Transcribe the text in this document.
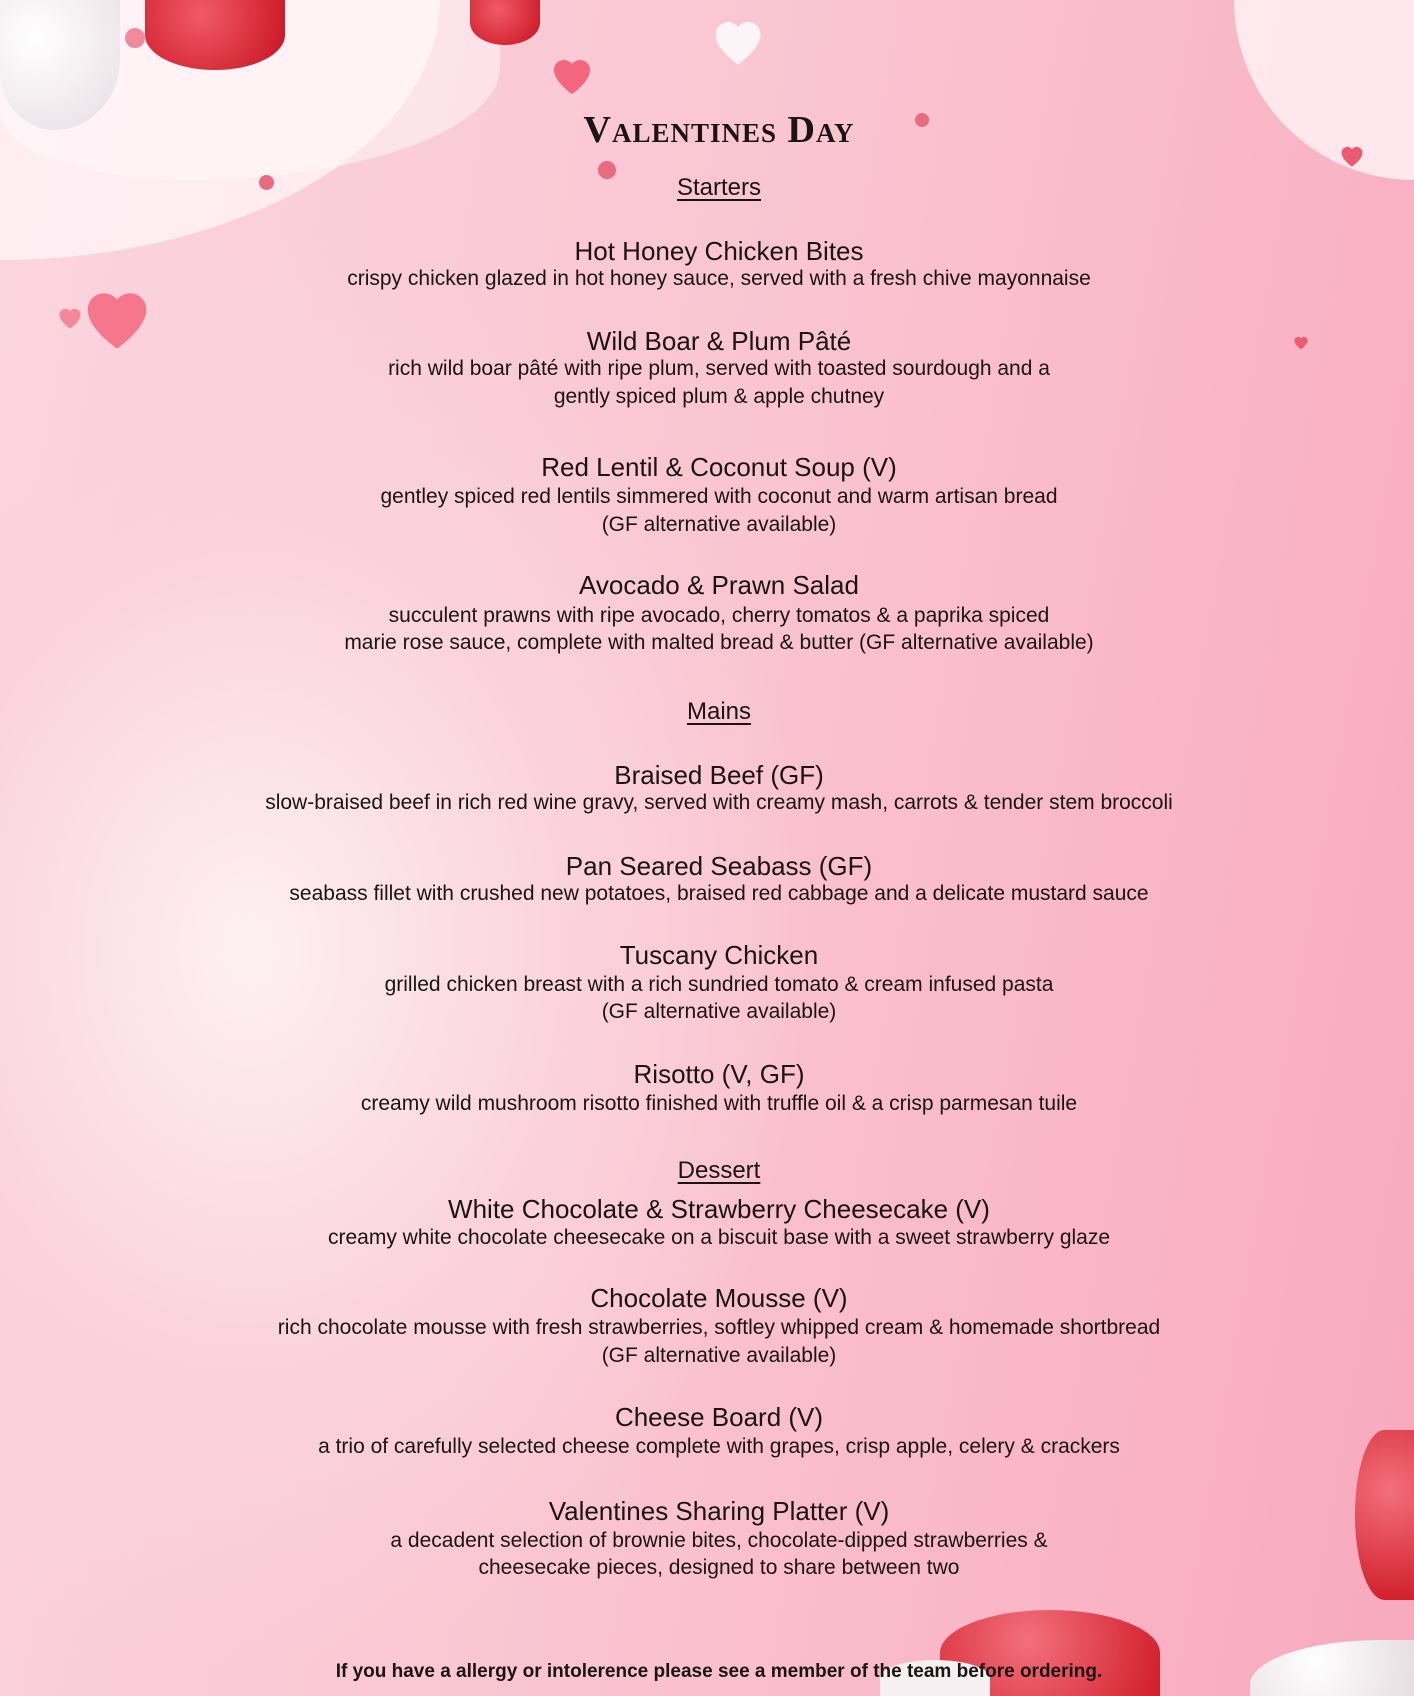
Valentines Day
Starters
Hot Honey Chicken Bites
crispy chicken glazed in hot honey sauce, served with a fresh chive mayonnaise
Wild Boar & Plum Pâté
rich wild boar pâté with ripe plum, served with toasted sourdough and a
gently spiced plum & apple chutney
Red Lentil & Coconut Soup (V)
gentley spiced red lentils simmered with coconut and warm artisan bread
(GF alternative available)
Avocado & Prawn Salad
succulent prawns with ripe avocado, cherry tomatos & a paprika spiced
marie rose sauce, complete with malted bread & butter (GF alternative available)
Mains
Braised Beef (GF)
slow-braised beef in rich red wine gravy, served with creamy mash, carrots & tender stem broccoli
Pan Seared Seabass (GF)
seabass fillet with crushed new potatoes, braised red cabbage and a delicate mustard sauce
Tuscany Chicken
grilled chicken breast with a rich sundried tomato & cream infused pasta
(GF alternative available)
Risotto (V, GF)
creamy wild mushroom risotto finished with truffle oil & a crisp parmesan tuile
Dessert
White Chocolate & Strawberry Cheesecake (V)
creamy white chocolate cheesecake on a biscuit base with a sweet strawberry glaze
Chocolate Mousse (V)
rich chocolate mousse with fresh strawberries, softley whipped cream & homemade shortbread
(GF alternative available)
Cheese Board (V)
a trio of carefully selected cheese complete with grapes, crisp apple, celery & crackers
Valentines Sharing Platter (V)
a decadent selection of brownie bites, chocolate-dipped strawberries &
cheesecake pieces, designed to share between two
If you have a allergy or intolerence please see a member of the team before ordering.
